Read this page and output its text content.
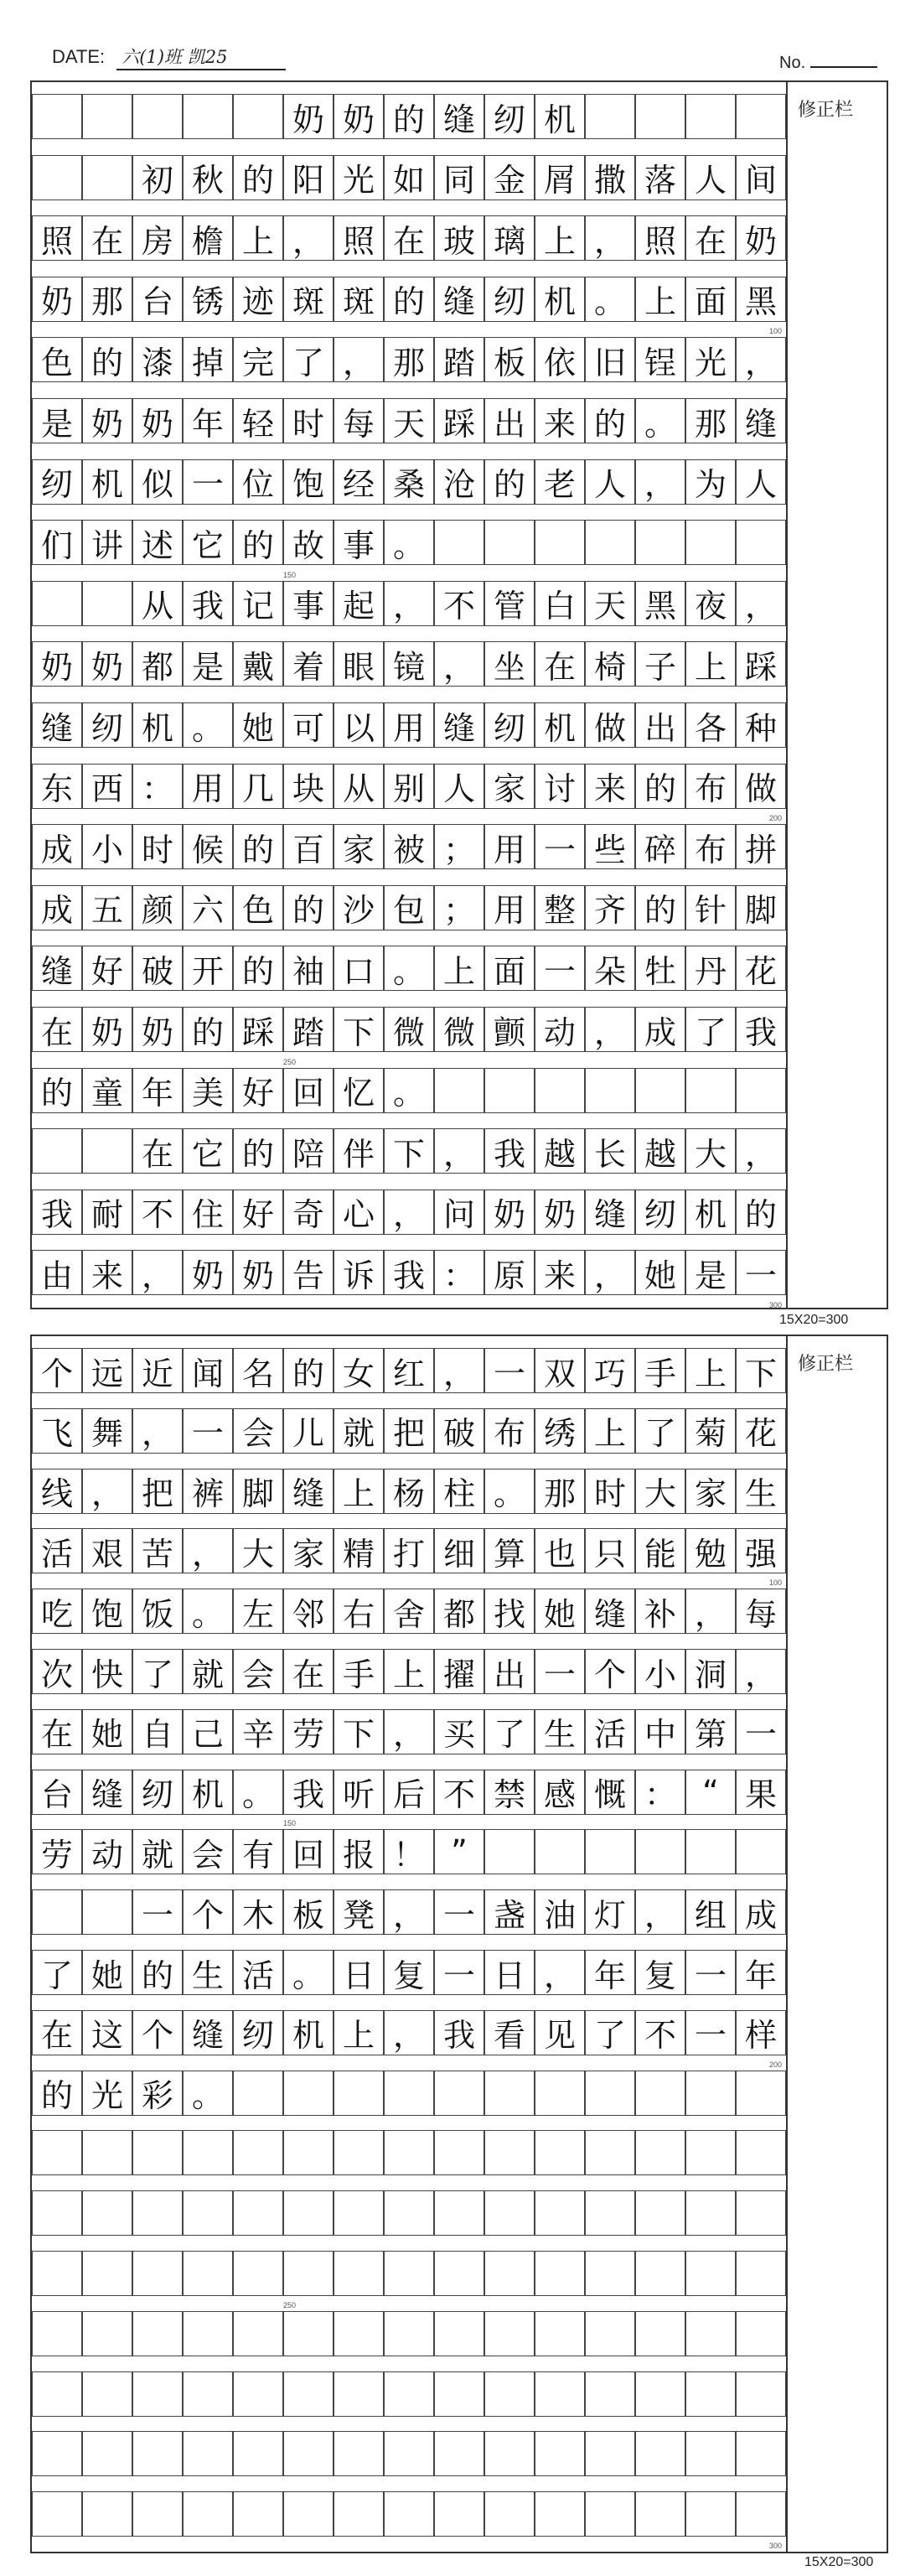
DATE: 六(1)班 凯25	No.
奶 奶 的 缝 纫 机
初 秋 的 阳 光 如 同 金 屑 撒 落 人 间
照 在 房 檐 上 ， 照 在 玻 璃 上 ， 照 在 奶
奶 那 台 锈 迹 斑 斑 的 缝 纫 机 。 上 面 黑
色 的 漆 掉 完 了 ， 那 踏 板 依 旧 锃 光 ，
是 奶 奶 年 轻 时 每 天 踩 出 来 的 。 那 缝
纫 机 似 一 位 饱 经 桑 沧 的 老 人 ， 为 人
们 讲 述 它 的 故 事 。
从 我 记 事 起 ， 不 管 白 天 黑 夜 ，
奶 奶 都 是 戴 着 眼 镜 ， 坐 在 椅 子 上 踩
缝 纫 机 。 她 可 以 用 缝 纫 机 做 出 各 种
东 西 ： 用 几 块 从 别 人 家 讨 来 的 布 做
成 小 时 候 的 百 家 被 ； 用 一 些 碎 布 拼
成 五 颜 六 色 的 沙 包 ； 用 整 齐 的 针 脚
缝 好 破 开 的 袖 口 。 上 面 一 朵 牡 丹 花
在 奶 奶 的 踩 踏 下 微 微 颤 动 ， 成 了 我
的 童 年 美 好 回 忆 。
在 它 的 陪 伴 下 ， 我 越 长 越 大 ，
我 耐 不 住 好 奇 心 ， 问 奶 奶 缝 纫 机 的
由 来 ， 奶 奶 告 诉 我 ： 原 来 ， 她 是 一
100
150
200
250
300
修正栏
15X20=300
个 远 近 闻 名 的 女 红 ， 一 双 巧 手 上 下
飞 舞 ， 一 会 儿 就 把 破 布 绣 上 了 菊 花
线 ， 把 裤 脚 缝 上 杨 柱 。 那 时 大 家 生
活 艰 苦 ， 大 家 精 打 细 算 也 只 能 勉 强
吃 饱 饭 。 左 邻 右 舍 都 找 她 缝 补 ， 每
次 快 了 就 会 在 手 上 擢 出 一 个 小 洞 ，
在 她 自 己 辛 劳 下 ， 买 了 生 活 中 第 一
台 缝 纫 机 。 我 听 后 不 禁 感 慨 ： “ 果
劳 动 就 会 有 回 报 ！ ”
一 个 木 板 凳 ， 一 盏 油 灯 ， 组 成
了 她 的 生 活 。 日 复 一 日 ， 年 复 一 年
在 这 个 缝 纫 机 上 ， 我 看 见 了 不 一 样
的 光 彩 。
100
150
200
250
300
修正栏
15X20=300
